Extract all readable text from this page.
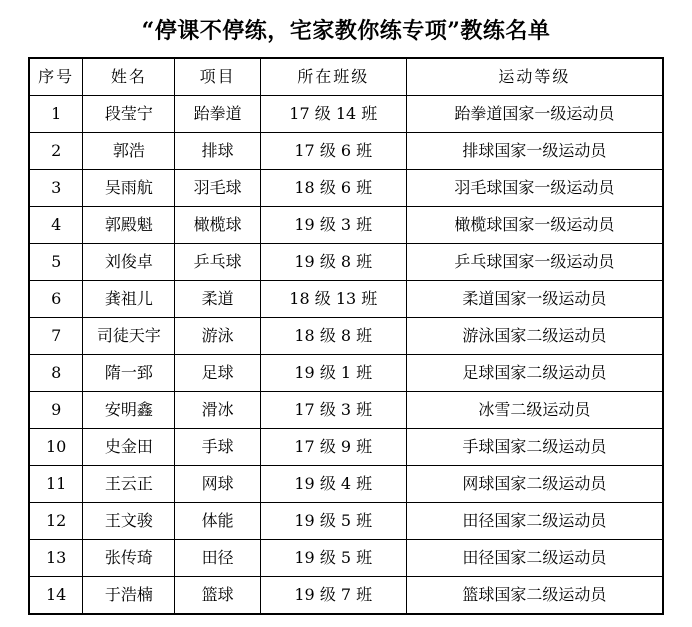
“停课不停练，宅家教你练专项”教练名单
序号	姓名	项目	所在班级	运动等级
1	段莹宁	跆拳道	17 级 14 班	跆拳道国家一级运动员
2	郭浩	排球	17 级 6 班	排球国家一级运动员
3	吴雨航	羽毛球	18 级 6 班	羽毛球国家一级运动员
4	郭殿魁	橄榄球	19 级 3 班	橄榄球国家一级运动员
5	刘俊卓	乒乓球	19 级 8 班	乒乓球国家一级运动员
6	龚祖儿	柔道	18 级 13 班	柔道国家一级运动员
7	司徒天宇	游泳	18 级 8 班	游泳国家二级运动员
8	隋一郅	足球	19 级 1 班	足球国家二级运动员
9	安明鑫	滑冰	17 级 3 班	冰雪二级运动员
10	史金田	手球	17 级 9 班	手球国家二级运动员
11	王云正	网球	19 级 4 班	网球国家二级运动员
12	王文骏	体能	19 级 5 班	田径国家二级运动员
13	张传琦	田径	19 级 5 班	田径国家二级运动员
14	于浩楠	篮球	19 级 7 班	篮球国家二级运动员
